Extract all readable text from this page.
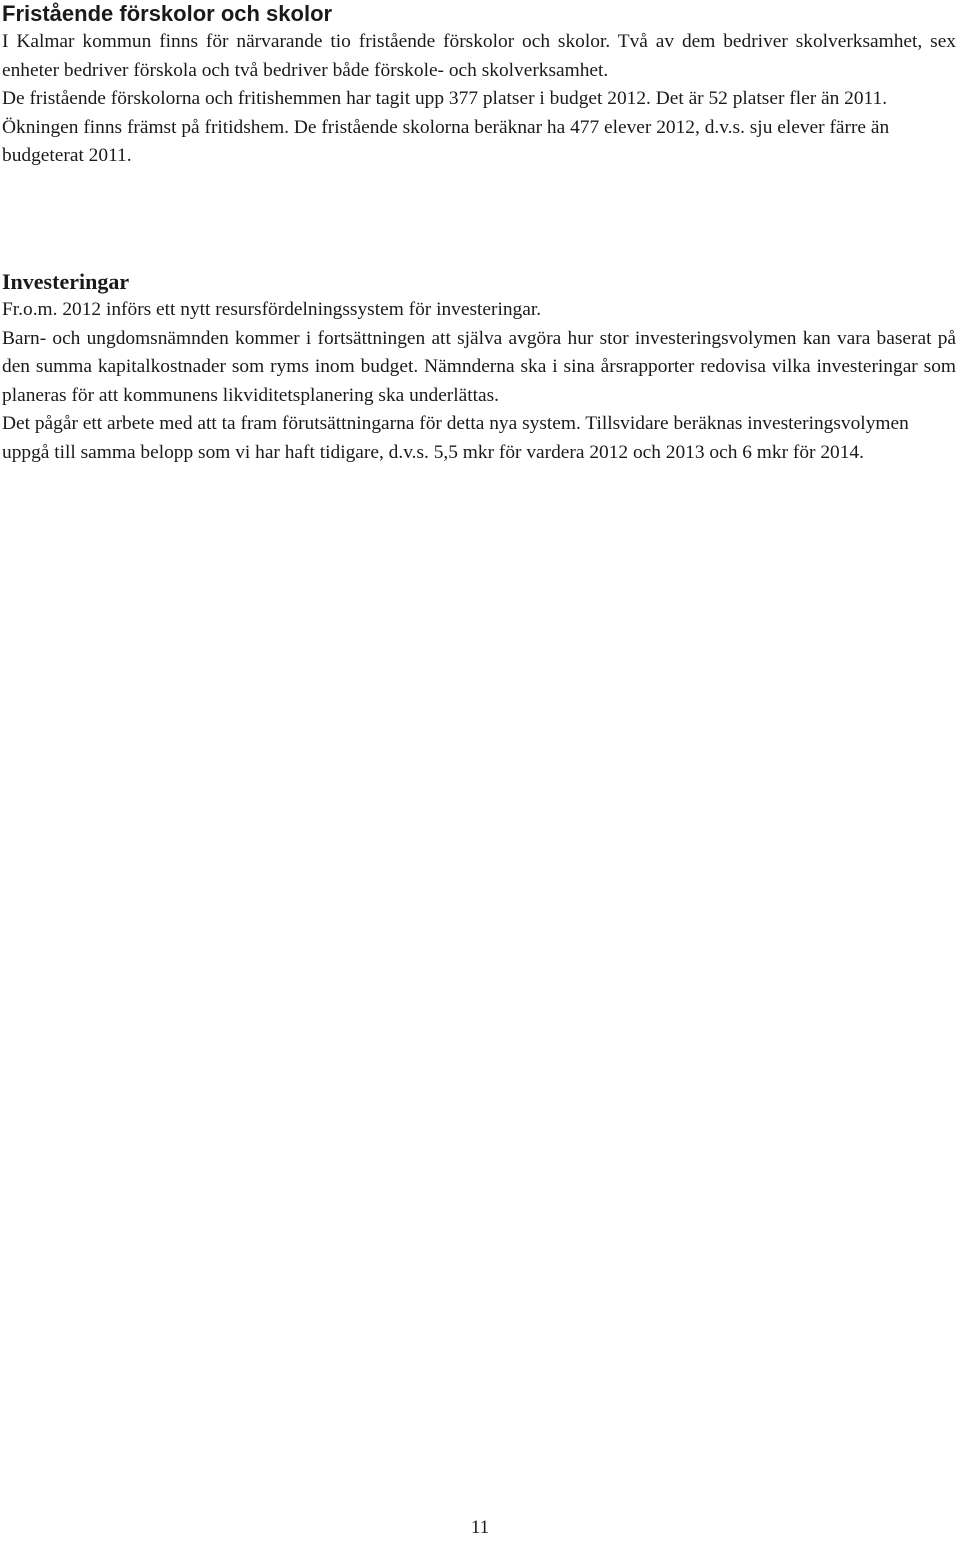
Fristående förskolor och skolor

I Kalmar kommun finns för närvarande tio fristående förskolor och skolor. Två av dem bedriver skolverksamhet, sex enheter bedriver förskola och två bedriver både förskole- och skolverksamhet.

De fristående förskolorna och fritishemmen har tagit upp 377 platser i budget 2012. Det är 52 platser fler än 2011. Ökningen finns främst på fritidshem. De fristående skolorna beräknar ha 477 elever 2012, d.v.s. sju elever färre än budgeterat 2011.

Investeringar

Fr.o.m. 2012 införs ett nytt resursfördelningssystem för investeringar.

Barn- och ungdomsnämnden kommer i fortsättningen att själva avgöra hur stor investeringsvolymen kan vara baserat på den summa kapitalkostnader som ryms inom budget. Nämnderna ska i sina årsrapporter redovisa vilka investeringar som planeras för att kommunens likviditetsplanering ska underlättas.

Det pågår ett arbete med att ta fram förutsättningarna för detta nya system. Tillsvidare beräknas investeringsvolymen uppgå till samma belopp som vi har haft tidigare, d.v.s. 5,5 mkr för vardera 2012 och 2013 och 6 mkr för 2014.

11
